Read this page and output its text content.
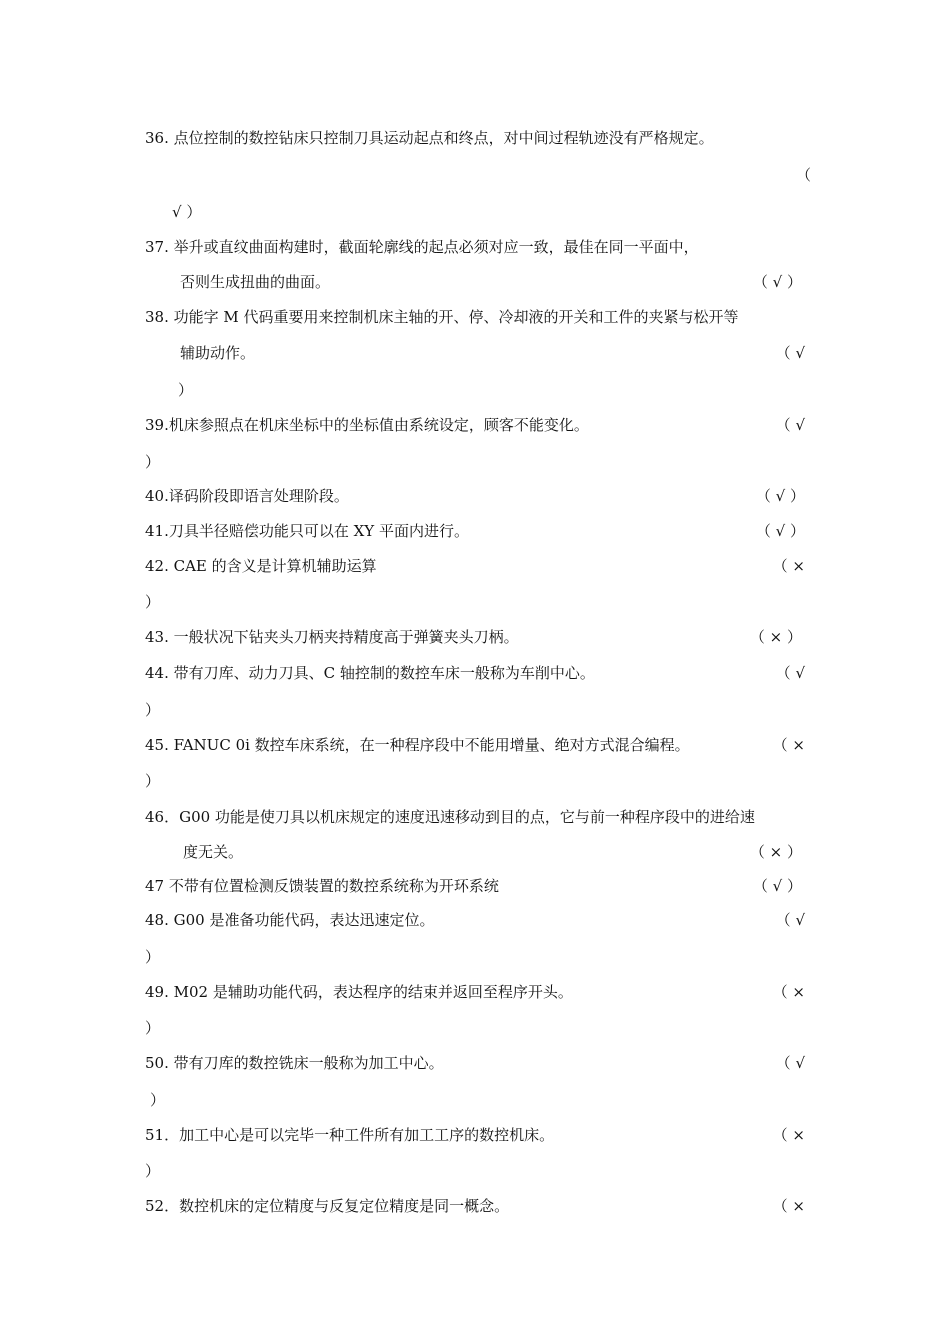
36. 点位控制的数控钻床只控制刀具运动起点和终点，对中间过程轨迹没有严格规定。
（
√ ）
37. 举升或直纹曲面构建时，截面轮廓线的起点必须对应一致，最佳在同一平面中，
否则生成扭曲的曲面。	（ √ ）
38. 功能字 M 代码重要用来控制机床主轴的开、停、冷却液的开关和工件的夹紧与松开等
辅助动作。	（ √
）
39.机床参照点在机床坐标中的坐标值由系统设定，顾客不能变化。	（ √
）
40.译码阶段即语言处理阶段。	（ √ ）
41.刀具半径赔偿功能只可以在 XY 平面内进行。	（ √ ）
42. CAE 的含义是计算机辅助运算	（ ×
）
43. 一般状况下钻夹头刀柄夹持精度高于弹簧夹头刀柄。	（ × ）
44. 带有刀库、动力刀具、C 轴控制的数控车床一般称为车削中心。	（ √
）
45. FANUC 0i 数控车床系统，在一种程序段中不能用增量、绝对方式混合编程。	（ ×
）
46．G00 功能是使刀具以机床规定的速度迅速移动到目的点，它与前一种程序段中的进给速
度无关。	（ × ）
47 不带有位置检测反馈装置的数控系统称为开环系统	（ √ ）
48. G00 是准备功能代码，表达迅速定位。	（ √
）
49. M02 是辅助功能代码，表达程序的结束并返回至程序开头。	（ ×
）
50. 带有刀库的数控铣床一般称为加工中心。	（ √
）
51．加工中心是可以完毕一种工件所有加工工序的数控机床。	（ ×
）
52．数控机床的定位精度与反复定位精度是同一概念。	（ ×
